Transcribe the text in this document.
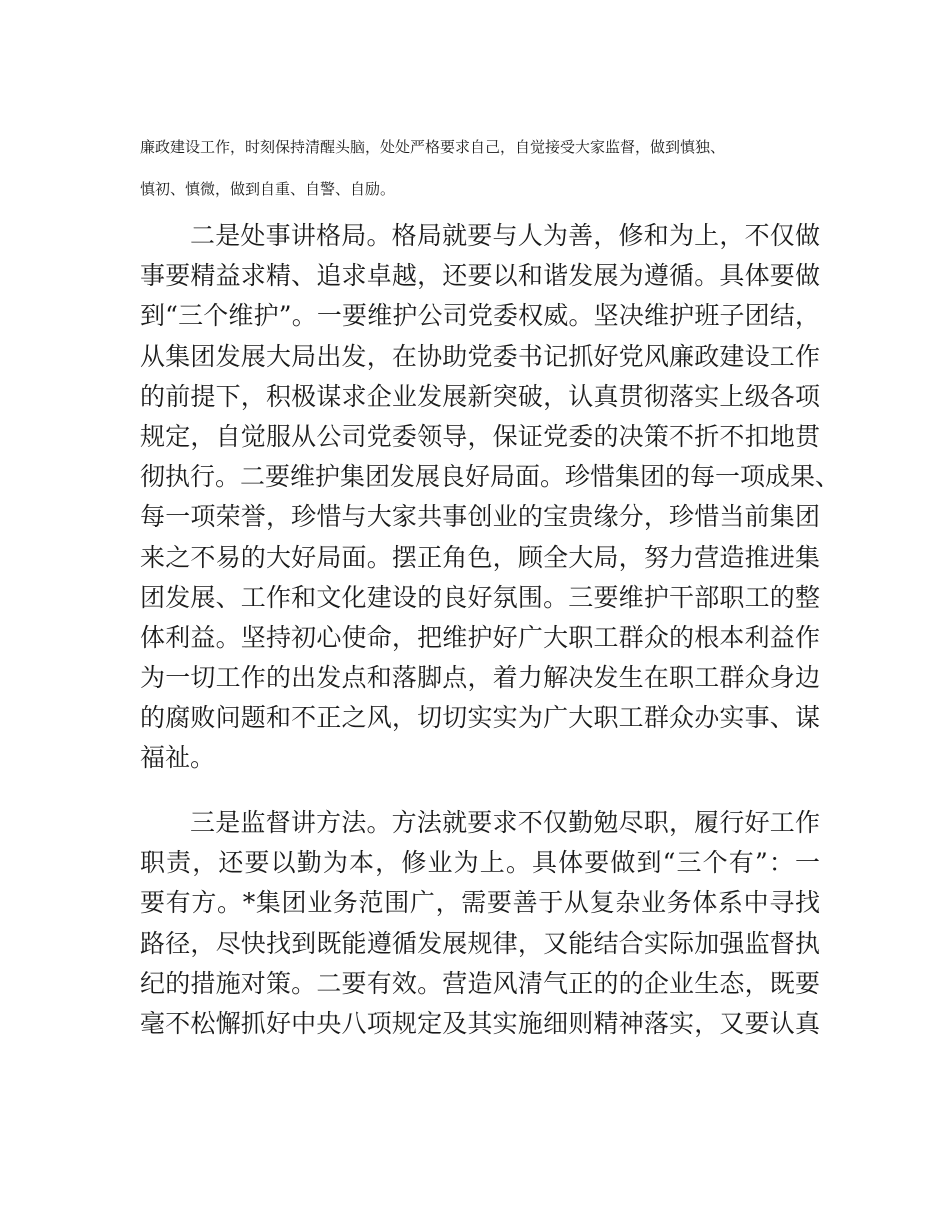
廉政建设工作，时刻保持清醒头脑，处处严格要求自己，自觉接受大家监督，做到慎独、
慎初、慎微，做到自重、自警、自励。
二是处事讲格局。格局就要与人为善，修和为上，不仅做
事要精益求精、追求卓越，还要以和谐发展为遵循。具体要做
到“三个维护”。一要维护公司党委权威。坚决维护班子团结，
从集团发展大局出发，在协助党委书记抓好党风廉政建设工作
的前提下，积极谋求企业发展新突破，认真贯彻落实上级各项
规定，自觉服从公司党委领导，保证党委的决策不折不扣地贯
彻执行。二要维护集团发展良好局面。珍惜集团的每一项成果、
每一项荣誉，珍惜与大家共事创业的宝贵缘分，珍惜当前集团
来之不易的大好局面。摆正角色，顾全大局，努力营造推进集
团发展、工作和文化建设的良好氛围。三要维护干部职工的整
体利益。坚持初心使命，把维护好广大职工群众的根本利益作
为一切工作的出发点和落脚点，着力解决发生在职工群众身边
的腐败问题和不正之风，切切实实为广大职工群众办实事、谋
福祉。
三是监督讲方法。方法就要求不仅勤勉尽职，履行好工作
职责，还要以勤为本，修业为上。具体要做到“三个有”：一
要有方。*集团业务范围广，需要善于从复杂业务体系中寻找
路径，尽快找到既能遵循发展规律，又能结合实际加强监督执
纪的措施对策。二要有效。营造风清气正的的企业生态，既要
毫不松懈抓好中央八项规定及其实施细则精神落实，又要认真
